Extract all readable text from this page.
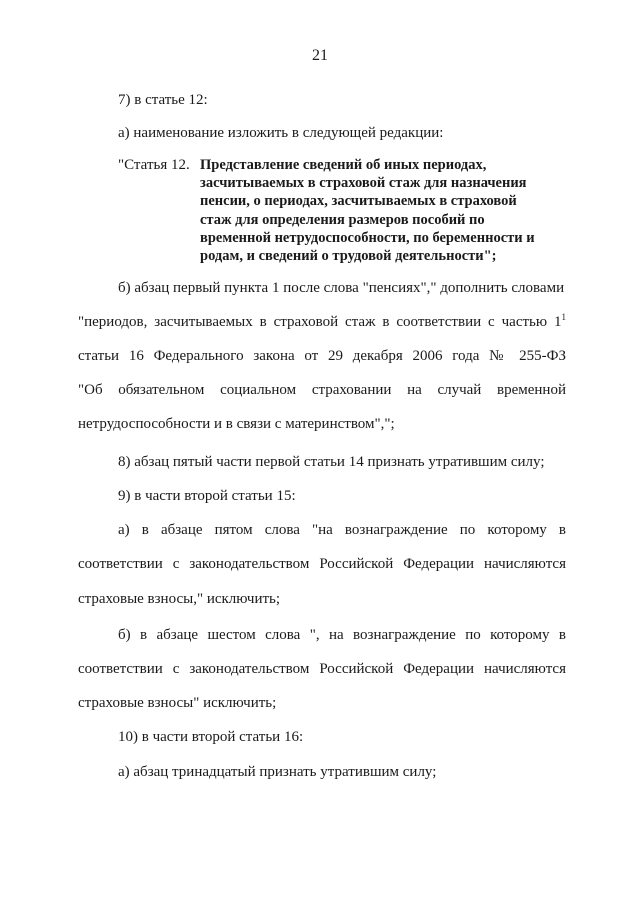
21
7) в статье 12:
а) наименование изложить в следующей редакции:
"Статья 12. Представление сведений об иных периодах,
засчитываемых в страховой стаж для назначения
пенсии, о периодах, засчитываемых в страховой
стаж для определения размеров пособий по
временной нетрудоспособности, по беременности и
родам, и сведений о трудовой деятельности";
б) абзац первый пункта 1 после слова "пенсиях"," дополнить словами
"периодов, засчитываемых в страховой стаж в соответствии с частью $1^1$
статьи 16 Федерального закона от 29 декабря 2006 года № 255-ФЗ
"Об обязательном социальном страховании на случай временной
нетрудоспособности и в связи с материнством",";
8) абзац пятый части первой статьи 14 признать утратившим силу;
9) в части второй статьи 15:
а) в абзаце пятом слова "на вознаграждение по которому в
соответствии с законодательством Российской Федерации начисляются
страховые взносы," исключить;
б) в абзаце шестом слова ", на вознаграждение по которому в
соответствии с законодательством Российской Федерации начисляются
страховые взносы" исключить;
10) в части второй статьи 16:
а) абзац тринадцатый признать утратившим силу;
